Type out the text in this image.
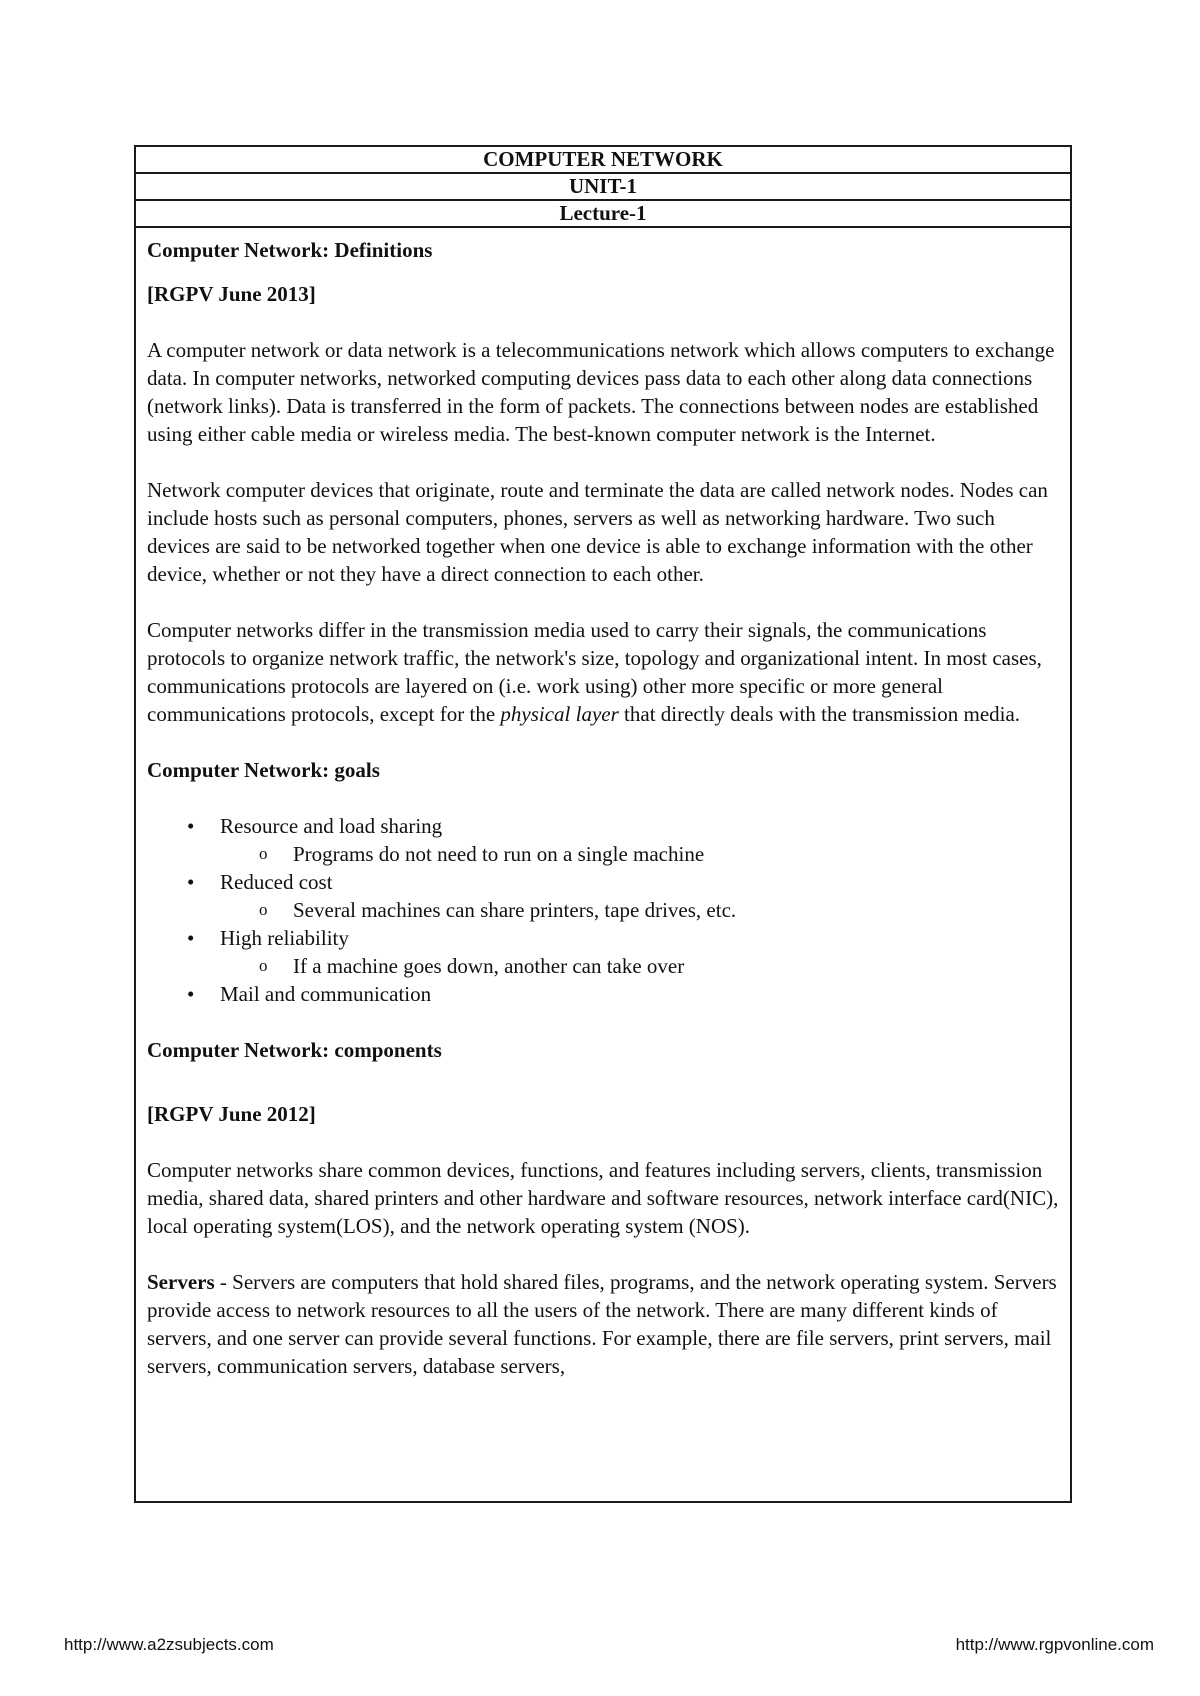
COMPUTER NETWORK
UNIT-1
Lecture-1

Computer Network: Definitions

[RGPV June 2013]

A computer network or data network is a telecommunications network which allows computers to exchange data. In computer networks, networked computing devices pass data to each other along data connections (network links). Data is transferred in the form of packets. The connections between nodes are established using either cable media or wireless media. The best-known computer network is the Internet.

Network computer devices that originate, route and terminate the data are called network nodes. Nodes can include hosts such as personal computers, phones, servers as well as networking hardware. Two such devices are said to be networked together when one device is able to exchange information with the other device, whether or not they have a direct connection to each other.

Computer networks differ in the transmission media used to carry their signals, the communications protocols to organize network traffic, the network's size, topology and organizational intent. In most cases, communications protocols are layered on (i.e. work using) other more specific or more general communications protocols, except for the physical layer that directly deals with the transmission media.

Computer Network: goals

• Resource and load sharing
o Programs do not need to run on a single machine
• Reduced cost
o Several machines can share printers, tape drives, etc.
• High reliability
o If a machine goes down, another can take over
• Mail and communication

Computer Network: components

[RGPV June 2012]

Computer networks share common devices, functions, and features including servers, clients, transmission media, shared data, shared printers and other hardware and software resources, network interface card(NIC), local operating system(LOS), and the network operating system (NOS).

Servers - Servers are computers that hold shared files, programs, and the network operating system. Servers provide access to network resources to all the users of the network. There are many different kinds of servers, and one server can provide several functions. For example, there are file servers, print servers, mail servers, communication servers, database servers,

http://www.a2zsubjects.com	http://www.rgpvonline.com
